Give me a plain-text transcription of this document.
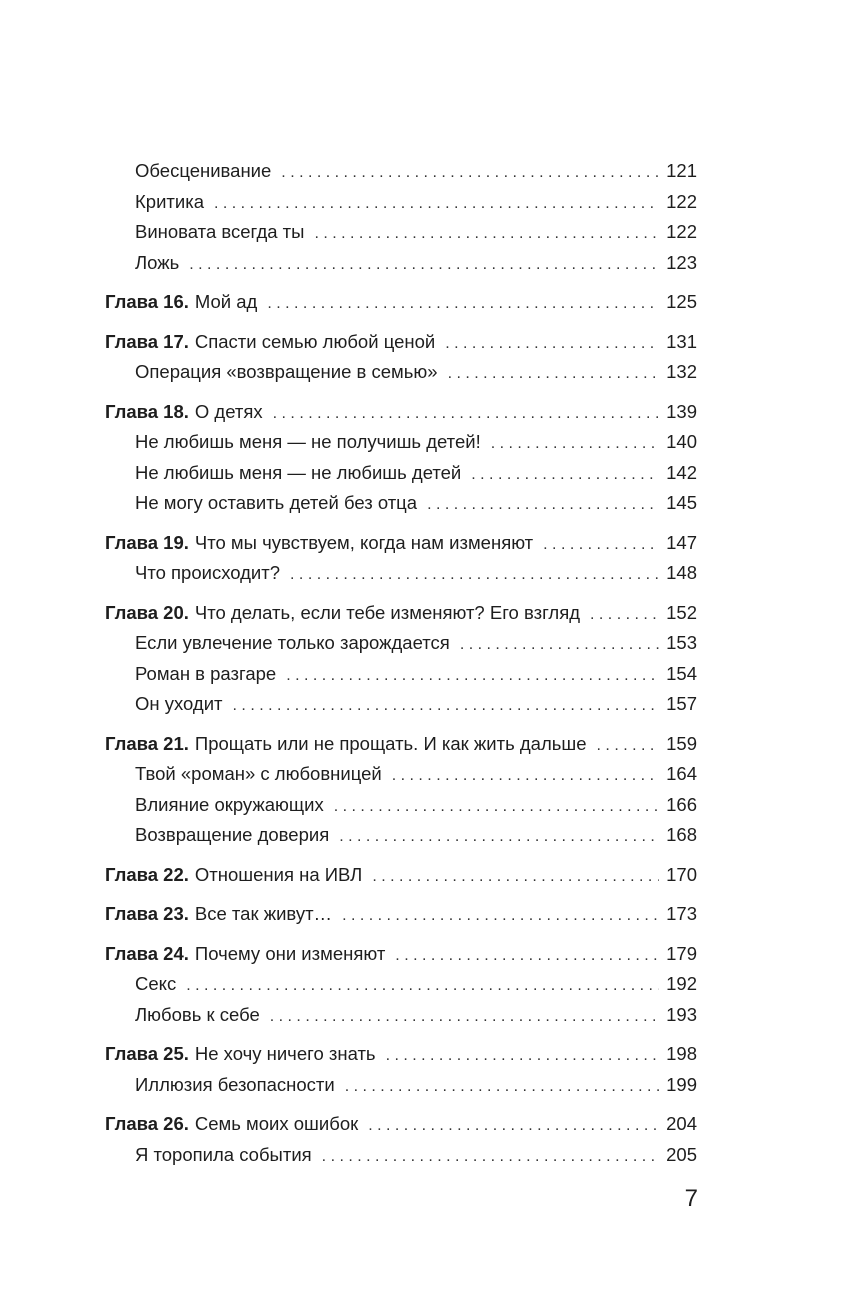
Обесценивание . . .	121
Критика . . .	122
Виновата всегда ты . . .	122
Ложь . . .	123
Глава 16. Мой ад . . .	125
Глава 17. Спасти семью любой ценой . . .	131
Операция «возвращение в семью» . . .	132
Глава 18. О детях . . .	139
Не любишь меня — не получишь детей! . . .	140
Не любишь меня — не любишь детей . . .	142
Не могу оставить детей без отца . . .	145
Глава 19. Что мы чувствуем, когда нам изменяют . . .	147
Что происходит? . . .	148
Глава 20. Что делать, если тебе изменяют? Его взгляд . . .	152
Если увлечение только зарождается . . .	153
Роман в разгаре . . .	154
Он уходит . . .	157
Глава 21. Прощать или не прощать. И как жить дальше . . .	159
Твой «роман» с любовницей . . .	164
Влияние окружающих . . .	166
Возвращение доверия . . .	168
Глава 22. Отношения на ИВЛ . . .	170
Глава 23. Все так живут… . . .	173
Глава 24. Почему они изменяют . . .	179
Секс . . .	192
Любовь к себе . . .	193
Глава 25. Не хочу ничего знать . . .	198
Иллюзия безопасности . . .	199
Глава 26. Семь моих ошибок . . .	204
Я торопила события . . .	205
7
